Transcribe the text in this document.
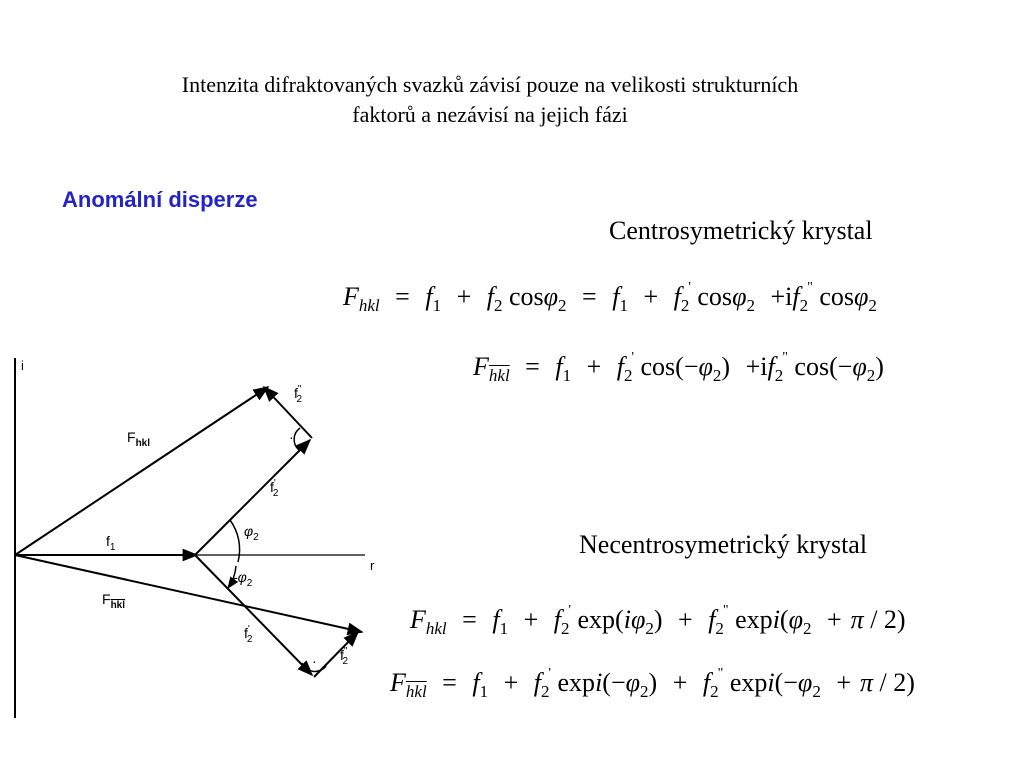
Intenzita difraktovaných svazků závisí pouze na velikosti strukturních
faktorů a nezávisí na jejich fázi
Anomální disperze
Centrosymetrický krystal
$F_{hkl} = f_1 + f_2$ $\cos\varphi_2 = f_1 + f_2'$ $\cos\varphi_2 +if_2^"$ cosφ$_2$
$F_{\overline{h}\overline{k}\overline{l}} = f_1 + f_2'$ $\cos(-\varphi_2) +if_2^"$ $\cos(-\varphi_2)$
Necentrosymetrický krystal
$F_{hkl} = f_1 + f_2'$ $\exp(i\varphi_2) + f_2^"$ $\exp i(\varphi_2 + \pi / 2)$
$F_{\overline{h}\overline{k}\overline{l}} = f_1 + f_2'$ $\exp i(-\varphi_2) + f_2^"$ $\exp i(-\varphi_2 + \pi / 2)$
i
r
$F_{hkl}$
$F_{hkl}$
$f_1$
f' 2
f" 2
f' 2
f" 2
$\varphi_2$
$-\varphi_2$
·
·
